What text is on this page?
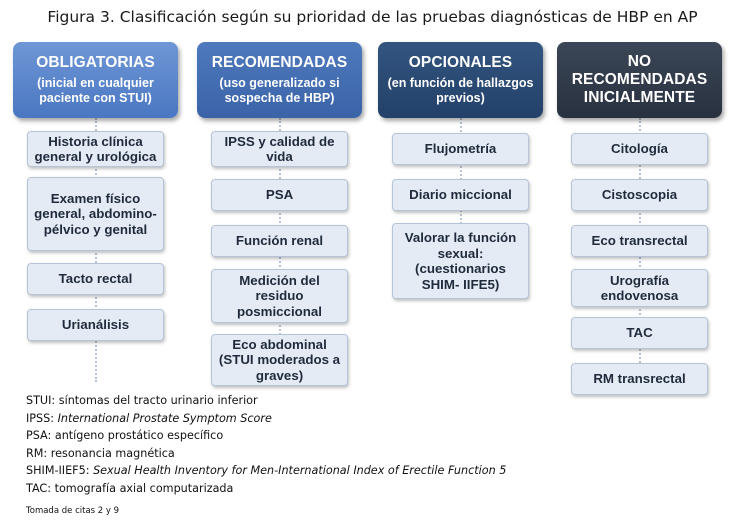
Figura 3. Clasificación según su prioridad de las pruebas diagnósticas de HBP en AP
OBLIGATORIAS
(inicial en cualquier paciente con STUI)
Historia clínica general y urológica
Examen físico general, abdomino-pélvico y genital
Tacto rectal
Urianálisis
RECOMENDADAS
(uso generalizado si sospecha de HBP)
IPSS y calidad de vida
PSA
Función renal
Medición del residuo posmiccional
Eco abdominal (STUI moderados a graves)
OPCIONALES
(en función de hallazgos previos)
Flujometría
Diario miccional
Valorar la función sexual: (cuestionarios SHIM- IIFE5)
NO RECOMENDADAS INICIALMENTE
Citología
Cistoscopia
Eco transrectal
Urografía endovenosa
TAC
RM transrectal
STUI: síntomas del tracto urinario inferior
IPSS: International Prostate Symptom Score
PSA: antígeno prostático específico
RM: resonancia magnética
SHIM-IIEF5: Sexual Health Inventory for Men-International Index of Erectile Function 5
TAC: tomografía axial computarizada
Tomada de citas 2 y 9
